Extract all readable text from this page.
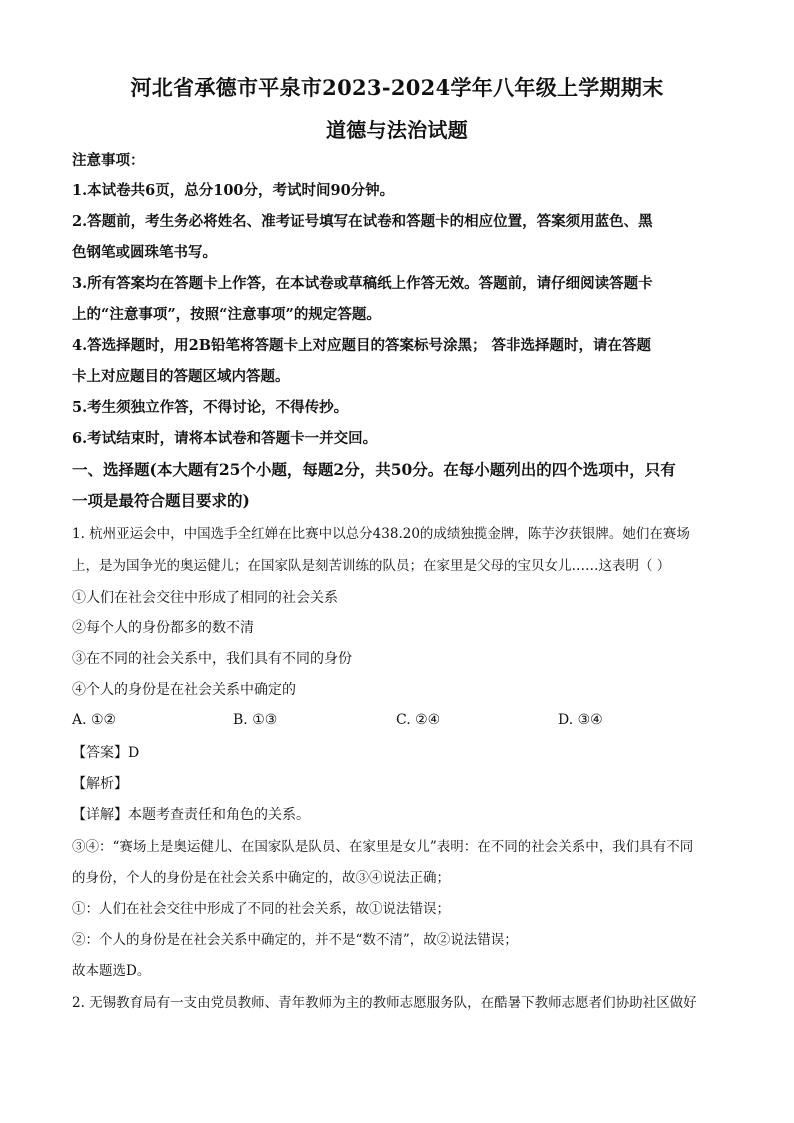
河北省承德市平泉市2023-2024学年八年级上学期期末
道德与法治试题
注意事项：
1.本试卷共6页，总分100分，考试时间90分钟。
2.答题前，考生务必将姓名、准考证号填写在试卷和答题卡的相应位置，答案须用蓝色、黑
色钢笔或圆珠笔书写。
3.所有答案均在答题卡上作答，在本试卷或草稿纸上作答无效。答题前，请仔细阅读答题卡
上的“注意事项”，按照“注意事项”的规定答题。
4.答选择题时，用2B铅笔将答题卡上对应题目的答案标号涂黑； 答非选择题时，请在答题
卡上对应题目的答题区域内答题。
5.考生须独立作答，不得讨论，不得传抄。
6.考试结束时，请将本试卷和答题卡一并交回。
一、选择题(本大题有25个小题，每题2分，共50分。在每小题列出的四个选项中，只有
一项是最符合题目要求的)
1. 杭州亚运会中，中国选手全红婵在比赛中以总分438.20的成绩独揽金牌，陈芋汐获银牌。她们在赛场
上，是为国争光的奥运健儿；在国家队是刻苦训练的队员；在家里是父母的宝贝女儿……这表明（ ）
①人们在社会交往中形成了相同的社会关系
②每个人的身份都多的数不清
③在不同的社会关系中，我们具有不同的身份
④个人的身份是在社会关系中确定的
A. ①②	B. ①③	C. ②④	D. ③④
【答案】D
【解析】
【详解】本题考查责任和角色的关系。
③④：“赛场上是奥运健儿、在国家队是队员、在家里是女儿”表明：在不同的社会关系中，我们具有不同
的身份，个人的身份是在社会关系中确定的，故③④说法正确；
①：人们在社会交往中形成了不同的社会关系，故①说法错误；
②：个人的身份是在社会关系中确定的，并不是“数不清”，故②说法错误；
故本题选D。
2. 无锡教育局有一支由党员教师、青年教师为主的教师志愿服务队，在酷暑下教师志愿者们协助社区做好
